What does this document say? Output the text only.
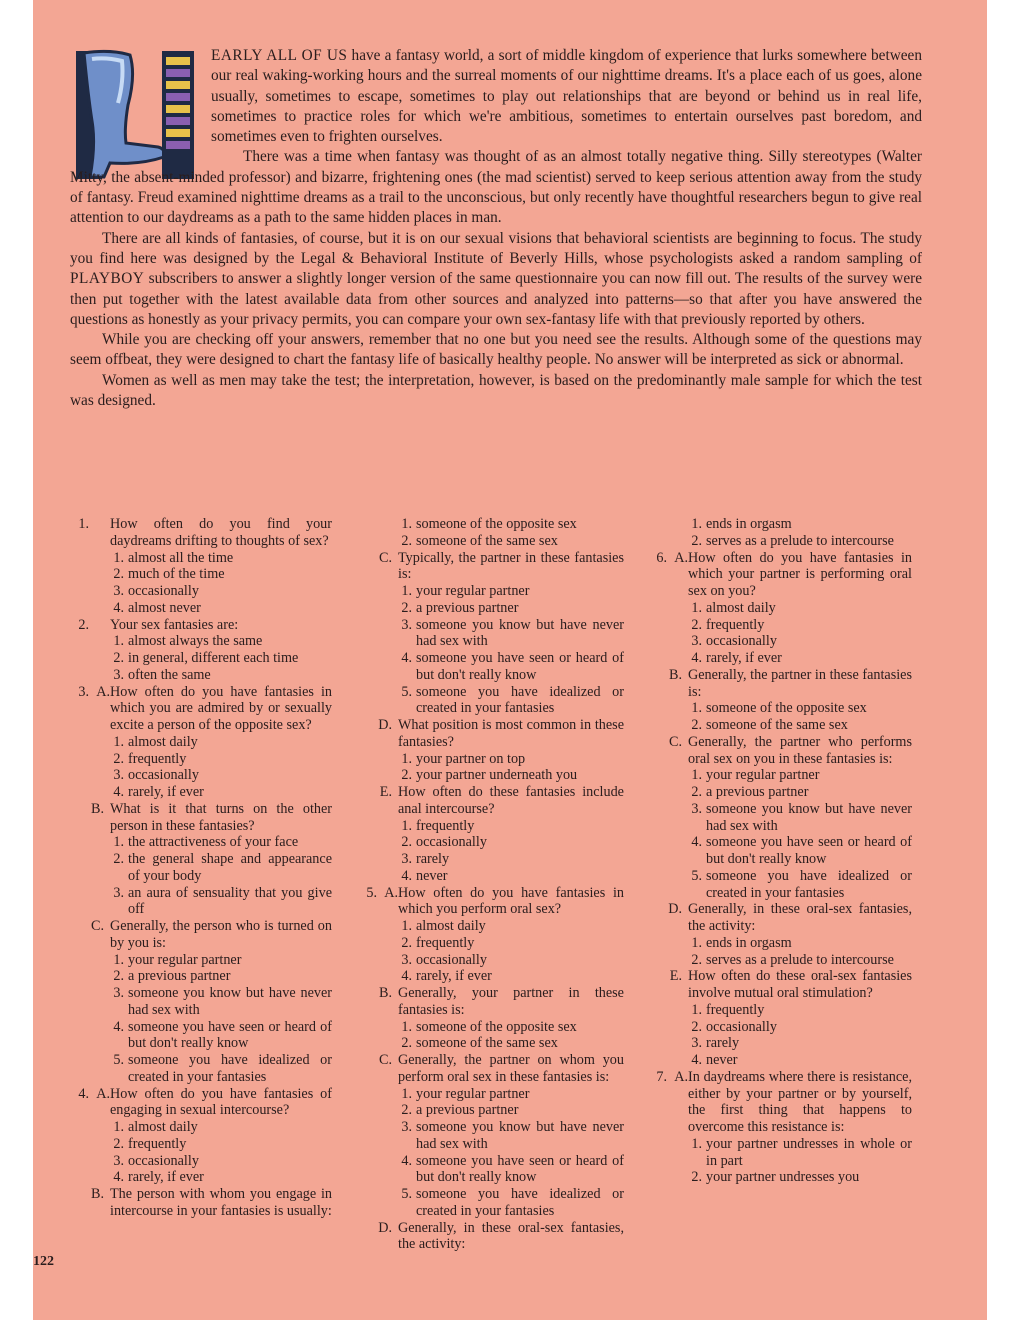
EARLY ALL OF US have a fantasy world, a sort of middle kingdom of experience that lurks somewhere between our real waking-working hours and the surreal moments of our nighttime dreams. It's a place each of us goes, alone usually, sometimes to escape, sometimes to play out relationships that are beyond or behind us in real life, sometimes to practice roles for which we're ambitious, sometimes to entertain ourselves past boredom, and sometimes even to frighten ourselves.

There was a time when fantasy was thought of as an almost totally negative thing. Silly stereotypes (Walter Mitty, the absent-minded professor) and bizarre, frightening ones (the mad scientist) served to keep serious attention away from the study of fantasy. Freud examined nighttime dreams as a trail to the unconscious, but only recently have thoughtful researchers begun to give real attention to our daydreams as a path to the same hidden places in man.

There are all kinds of fantasies, of course, but it is on our sexual visions that behavioral scientists are beginning to focus. The study you find here was designed by the Legal & Behavioral Institute of Beverly Hills, whose psychologists asked a random sampling of PLAYBOY subscribers to answer a slightly longer version of the same questionnaire you can now fill out. The results of the survey were then put together with the latest available data from other sources and analyzed into patterns—so that after you have answered the questions as honestly as your privacy permits, you can compare your own sex-fantasy life with that previously reported by others.

While you are checking off your answers, remember that no one but you need see the results. Although some of the questions may seem offbeat, they were designed to chart the fantasy life of basically healthy people. No answer will be interpreted as sick or abnormal.

Women as well as men may take the test; the interpretation, however, is based on the predominantly male sample for which the test was designed.

1. How often do you find your daydreams drifting to thoughts of sex?
1. almost all the time
2. much of the time
3. occasionally
4. almost never
2. Your sex fantasies are:
1. almost always the same
2. in general, different each time
3. often the same
3. A. How often do you have fantasies in which you are admired by or sexually excite a person of the opposite sex?
1. almost daily
2. frequently
3. occasionally
4. rarely, if ever
B. What is it that turns on the other person in these fantasies?
1. the attractiveness of your face
2. the general shape and appearance of your body
3. an aura of sensuality that you give off
C. Generally, the person who is turned on by you is:
1. your regular partner
2. a previous partner
3. someone you know but have never had sex with
4. someone you have seen or heard of but don't really know
5. someone you have idealized or created in your fantasies
4. A. How often do you have fantasies of engaging in sexual intercourse?
1. almost daily
2. frequently
3. occasionally
4. rarely, if ever
B. The person with whom you engage in intercourse in your fantasies is usually:
1. someone of the opposite sex
2. someone of the same sex
C. Typically, the partner in these fantasies is:
1. your regular partner
2. a previous partner
3. someone you know but have never had sex with
4. someone you have seen or heard of but don't really know
5. someone you have idealized or created in your fantasies
D. What position is most common in these fantasies?
1. your partner on top
2. your partner underneath you
E. How often do these fantasies include anal intercourse?
1. frequently
2. occasionally
3. rarely
4. never
5. A. How often do you have fantasies in which you perform oral sex?
1. almost daily
2. frequently
3. occasionally
4. rarely, if ever
B. Generally, your partner in these fantasies is:
1. someone of the opposite sex
2. someone of the same sex
C. Generally, the partner on whom you perform oral sex in these fantasies is:
1. your regular partner
2. a previous partner
3. someone you know but have never had sex with
4. someone you have seen or heard of but don't really know
5. someone you have idealized or created in your fantasies
D. Generally, in these oral-sex fantasies, the activity:
1. ends in orgasm
2. serves as a prelude to intercourse
6. A. How often do you have fantasies in which your partner is performing oral sex on you?
1. almost daily
2. frequently
3. occasionally
4. rarely, if ever
B. Generally, the partner in these fantasies is:
1. someone of the opposite sex
2. someone of the same sex
C. Generally, the partner who performs oral sex on you in these fantasies is:
1. your regular partner
2. a previous partner
3. someone you know but have never had sex with
4. someone you have seen or heard of but don't really know
5. someone you have idealized or created in your fantasies
D. Generally, in these oral-sex fantasies, the activity:
1. ends in orgasm
2. serves as a prelude to intercourse
E. How often do these oral-sex fantasies involve mutual oral stimulation?
1. frequently
2. occasionally
3. rarely
4. never
7. A. In daydreams where there is resistance, either by your partner or by yourself, the first thing that happens to overcome this resistance is:
1. your partner undresses in whole or in part
2. your partner undresses you
122
